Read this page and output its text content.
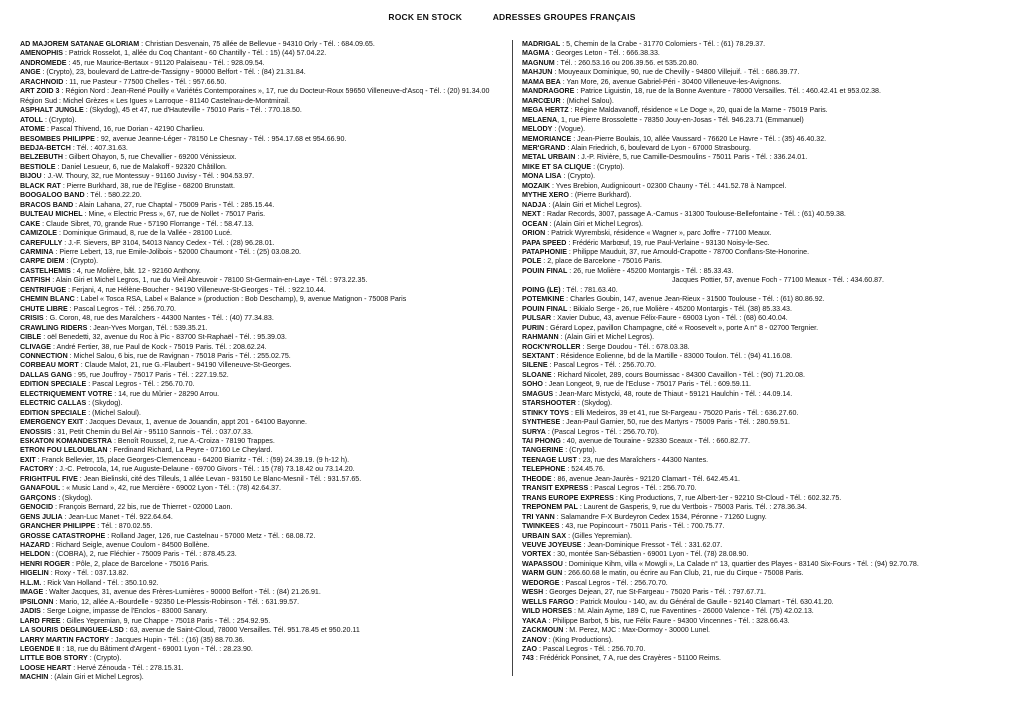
ROCK EN STOCK	ADRESSES GROUPES FRANÇAIS
AD MAJOREM SATANAE GLORIAM : Christian Desvenain, 75 allée de Bellevue - 94310 Orly - Tél. : 684.09.65.
AMENOPHIS : Patrick Rosselot, 1, allée du Coq Chantant - 60 Chantilly - Tél. : 15) (44) 57.04.22.
ANDROMEDE : 45, rue Maurice-Bertaux - 91120 Palaiseau - Tél. : 928.09.54.
ANGE : (Crypto), 23, boulevard de Lattre-de-Tassigny - 90000 Belfort - Tél. : (84) 21.31.84.
ARACHNOID : 11, rue Pasteur - 77500 Chelles - Tél. : 957.66.50.
ART ZOID 3 : Région Nord : Jean-René Pouilly « Variétés Contemporaines », 17, rue du Docteur-Roux 59650 Villeneuve-d'Ascq - Tél. : (20) 91.34.00
Région Sud : Michel Grèzes « Les Igues » Larroque - 81140 Castelnau-de-Montmirail.
ASPHALT JUNGLE : (Skydog), 45 et 47, rue d'Hauteville - 75010 Paris - Tél. : 770.18.50.
ATOLL : (Crypto).
ATOME : Pascal Thivend, 16, rue Dorian - 42190 Charlieu.
BESOMBES PHILIPPE : 92, avenue Jeanne-Léger - 78150 Le Chesnay - Tél. : 954.17.68 et 954.66.90.
BEDJA-BETCH : Tél. : 407.31.63.
BELZEBUTH : Gilbert Ohayon, 5, rue Chevallier - 69200 Vénissieux.
BESTIOLE : Daniel Lesueur, 6, rue de Malakoff - 92320 Châtillon.
BIJOU : J.-W. Thoury, 32, rue Montessuy - 91160 Juvisy - Tél. : 904.53.97.
BLACK RAT : Pierre Burkhard, 38, rue de l'Eglise - 68200 Brunstatt.
BOOGALOO BAND : Tél. : 580.22.20.
BRACOS BAND : Alain Lahana, 27, rue Chaptal - 75009 Paris - Tél. : 285.15.44.
BULTEAU MICHEL : Mine, « Electric Press », 67, rue de Nollet - 75017 Paris.
CAKE : Claude Sibret, 70, grande Rue - 57190 Florrange - Tél. : 58.47.13.
CAMIZOLE : Dominique Grimaud, 8, rue de la Vallée - 28100 Lucé.
CAREFULLY : J.-F. Sievers, BP 3104, 54013 Nancy Cedex - Tél. : (28) 96.28.01.
CARMINA : Pierre Lebert, 13, rue Emile-Jolibois - 52000 Chaumont - Tél. : (25) 03.08.20.
CARPE DIEM : (Crypto).
CASTELHEMIS : 4, rue Molière, bât. 12 - 92160 Anthony.
CATFISH : Alain Giri et Michel Legros, 1, rue du Vieil Abreuvoir - 78100 St-Germain-en-Laye - Tél. : 973.22.35.
CENTRIFUGE : Ferjani, 4, rue Hélène-Boucher - 94190 Villeneuve-St-Georges - Tél. : 922.10.44.
CHEMIN BLANC : Label « Tosca RSA, Label « Balance » (production : Bob Deschamp), 9, avenue Matignon - 75008 Paris
CHUTE LIBRE : Pascal Legros - Tél. : 256.70.70.
CRISIS : G. Coron, 48, rue des Maraîchers - 44300 Nantes - Tél. : (40) 77.34.83.
CRAWLING RIDERS : Jean-Yves Morgan, Tél. : 539.35.21.
CIBLE : oël Benedetti, 32, avenue du Roc à Pic - 83700 St-Raphaël - Tél. : 95.39.03.
CLIVAGE : André Fertier, 38, rue Paul de Kock - 75019 Paris. Tél. : 208.62.24.
CONNECTION : Michel Salou, 6 bis, rue de Ravignan - 75018 Paris - Tél. : 255.02.75.
CORBEAU MORT : Claude Malot, 21, rue G.-Flaubert - 94190 Villeneuve-St-Georges.
DALLAS GANG : 95, rue Jouffroy - 75017 Paris - Tél. : 227.19.52.
EDITION SPECIALE : Pascal Legros - Tél. : 256.70.70.
ELECTRIQUEMENT VOTRE : 14, rue du Mûrier - 28290 Arrou.
ELECTRIC CALLAS : (Skydog).
EDITION SPECIALE : (Michel Saloul).
EMERGENCY EXIT : Jacques Devaux, 1, avenue de Jouandin, appt 201 - 64100 Bayonne.
ENOSSIS : 31, Petit Chemin du Bel Air - 95110 Sannois - Tél. : 037.07.33.
ESKATON KOMANDESTRA : Benoît Roussel, 2, rue A.-Croiza - 78190 Trappes.
ETRON FOU LELOUBLAN : Ferdinand Richard, La Peyre - 07160 Le Cheylard.
EXIT : Franck Bellevier, 15, place Georges-Clemenceau - 64200 Biarritz - Tél. : (59) 24.39.19. (9 h-12 h).
FACTORY : J.-C. Petrocola, 14, rue Auguste-Delaune - 69700 Givors - Tél. : 15 (78) 73.18.42 ou 73.14.20.
FRIGHTFUL FIVE : Jean Bielinski, cité des Tilleuls, 1 allée Levan - 93150 Le Blanc-Mesnil - Tél. : 931.57.65.
GANAFOUL : « Music Land », 42, rue Mercière - 69002 Lyon - Tél. : (78) 42.64.37.
GARÇONS : (Skydog).
GENOCID : François Bernard, 22 bis, rue de Thierret - 02000 Laon.
GENS JULIA : Jean-Luc Manet - Tél. 922.64.64.
GRANCHER PHILIPPE : Tél. : 870.02.55.
GROSSE CATASTROPHE : Rolland Jager, 126, rue Castelnau - 57000 Metz - Tél. : 68.08.72.
HAZARD : Richard Seigle, avenue Coulom - 84500 Bollène.
HELDON : (COBRA), 2, rue Fléchier - 75009 Paris - Tél. : 878.45.23.
HENRI ROGER : Pôle, 2, place de Barcelone - 75016 Paris.
HIGELIN : Roxy - Tél. : 037.13.82.
H.L.M. : Rick Van Holland - Tél. : 350.10.92.
IMAGE : Walter Jacques, 31, avenue des Frères-Lumières - 90000 Belfort - Tél. : (84) 21.26.91.
IPSILONN : Mario, 12, allée A.-Bourdelle - 92350 Le-Plessis-Robinson - Tél. : 631.99.57.
JADIS : Serge Loigne, impasse de l'Enclos - 83000 Sanary.
LARD FREE : Gilles Yepremian, 9, rue Chappe - 75018 Paris - Tél. : 254.92.95.
LA SOURIS DEGLINGUEE-LSD : 63, avenue de Saint-Cloud, 78000 Versailles. Tél. 951.78.45 et 950.20.11
LARRY MARTIN FACTORY : Jacques Hupin - Tél. : (16) (35) 88.70.36.
LEGENDE II : 18, rue du Bâtiment d'Argent - 69001 Lyon - Tél. : 28.23.90.
LITTLE BOB STORY : (Crypto).
LOOSE HEART : Hervé Zénouda - Tél. : 278.15.31.
MACHIN : (Alain Giri et Michel Legros).
MADRIGAL : 5, Chemin de la Crabe - 31770 Colomiers - Tél. : (61) 78.29.37.
MAGMA : Georges Leton - Tél. : 666.38.33.
MAGNUM : Tél. : 260.53.16 ou 206.39.56. et 535.20.80.
MAHJUN : Mouyeaux Dominique, 90, rue de Chevilly - 94800 Villejuif. · Tél. : 686.39.77.
MAMA BEA : Yan More, 26, avenue Gabriel-Péri - 30400 Villeneuve-les-Avignons.
MANDRAGORE : Patrice Liguistin, 18, rue de la Bonne Aventure - 78000 Versailles. Tél. : 460.42.41 et 953.02.38.
MARCŒUR : (Michel Salou).
MEGA HERTZ : Régine Maldavanoff, résidence « Le Doge », 20, quai de la Marne - 75019 Paris.
MELAENA, 1, rue Pierre Brossolette - 78350 Jouy-en-Josas - Tél. 946.23.71 (Emmanuel)
MELODY : (Vogue).
MEMORIANCE : Jean-Pierre Boulais, 10, allée Vaussard - 76620 Le Havre - Tél. : (35) 46.40.32.
MER'GRAND : Alain Friedrich, 6, boulevard de Lyon - 67000 Strasbourg.
METAL URBAIN : J.-P. Rivière, 5, rue Camille-Desmoulins - 75011 Paris - Tél. : 336.24.01.
MIKE ET SA CLIQUE : (Crypto).
MONA LISA : (Crypto).
MOZAIK : Yves Brebion, Audignicourt - 02300 Chauny - Tél. : 441.52.78 à Nampcel.
MYTHE XERO : (Pierre Burkhard).
NADJA : (Alain Giri et Michel Legros).
NEXT : Radar Records, 3007, passage A.-Camus - 31300 Toulouse-Bellefontaine - Tél. : (61) 40.59.38.
OCEAN : (Alain Giri et Michel Legros).
ORION : Patrick Wyrembski, résidence « Wagner », parc Joffre - 77100 Meaux.
PAPA SPEED : Frédéric Marbœuf, 19, rue Paul-Verlaine - 93130 Noisy-le-Sec.
PATAPHONIE : Philippe Mauduit, 37, rue Arnould-Crapotte - 78700 Conflans-Ste-Honorine.
POLE : 2, place de Barcelone - 75016 Paris.
POUIN FINAL : 26, rue Molière - 45200 Montargis - Tél. : 85.33.43.
Jacques Pottier, 57, avenue Foch - 77100 Meaux - Tél. : 434.60.87.
POING (LE) : Tél. : 781.63.40.
POTEMKINE : Charles Goubin, 147, avenue Jean-Rieux - 31500 Toulouse - Tél. : (61) 80.86.92.
POUIN FINAL : Bikialo Serge - 26, rue Molière - 45200 Montargis - Tél. (38) 85.33.43.
PULSAR : Xavier Dubuc, 43, avenue Félix-Faure - 69003 Lyon - Tél. : (68) 60.40.04.
PURIN : Gérard Lopez, pavillon Champagne, cité « Roosevelt », porte A n° 8 - 02700 Tergnier.
RAHMANN : (Alain Giri et Michel Legros).
ROCK'N'ROLLER : Serge Doudou - Tél. : 678.03.38.
SEXTANT : Résidence Eolienne, bd de la Martille - 83000 Toulon. Tél. : (94) 41.16.08.
SILENE : Pascal Legros - Tél. : 256.70.70.
SLOANE : Richard Nicolet, 289, cours Bournissac - 84300 Cavaillon - Tél. : (90) 71.20.08.
SOHO : Jean Longeot, 9, rue de l'Ecluse - 75017 Paris - Tél. : 609.59.11.
SMAGUS : Jean-Marc Mistycki, 48, route de Thiaut - 59121 Haulchin - Tél. : 44.09.14.
STARSHOOTER : (Skydog).
STINKY TOYS : Elli Medeiros, 39 et 41, rue St-Fargeau - 75020 Paris - Tél. : 636.27.60.
SYNTHESE : Jean-Paul Garnier, 50, rue des Martyrs - 75009 Paris - Tél. : 280.59.51.
SURYA : (Pascal Legros - Tél. : 256.70.70).
TAI PHONG : 40, avenue de Touraine - 92330 Sceaux - Tél. : 660.82.77.
TANGERINE : (Crypto).
TEENAGE LUST : 23, rue des Maraîchers - 44300 Nantes.
TELEPHONE : 524.45.76.
THEODE : 86, avenue Jean-Jaurès - 92120 Clamart - Tél. 642.45.41.
TRANSIT EXPRESS : Pascal Legros - Tél. : 256.70.70.
TRANS EUROPE EXPRESS : King Productions, 7, rue Albert-1er - 92210 St-Cloud - Tél. : 602.32.75.
TREPONEM PAL : Laurent de Gasperis, 9, rue du Vertbois - 75003 Paris. Tél. : 278.36.34.
TRI YANN : Salamandre F-X Burdeyron Cedex 1534, Péronne - 71260 Lugny.
TWINKEES : 43, rue Popincourt - 75011 Paris - Tél. : 700.75.77.
URBAIN SAX : (Gilles Yepremian).
VEUVE JOYEUSE : Jean-Dominique Fressot - Tél. : 331.62.07.
VORTEX : 30, montée San-Sébastien - 69001 Lyon - Tél. (78) 28.08.90.
WAPASSOU : Dominique Kihm, villa « Mowgli », La Calade n° 13, quartier des Playes - 83140 Six-Fours - Tél. : (94) 92.70.78.
WARM GUN : 266.60.68 le matin, ou écrire au Fan Club, 21, rue du Cirque - 75008 Paris.
WEDORGE : Pascal Legros - Tél. : 256.70.70.
WESH : Georges Dejean, 27, rue St-Fargeau - 75020 Paris - Tél. : 797.67.71.
WELLS FARGO : Patrick Moulou - 140, av. du Général de Gaulle - 92140 Clamart - Tél. 630.41.20.
WILD HORSES : M. Alain Ayme, 189 C, rue Faventines - 26000 Valence - Tél. (75) 42.02.13.
YAKAA : Philippe Barbot, 5 bis, rue Félix Faure - 94300 Vincennes - Tél. : 328.66.43.
ZACKMOUN : M. Perez, MJC : Max-Dormoy - 30000 Lunel.
ZANOV : (King Productions).
ZAO : Pascal Legros - Tél. : 256.70.70.
743 : Frédérick Ponsinet, 7 A, rue des Crayères - 51100 Reims.
